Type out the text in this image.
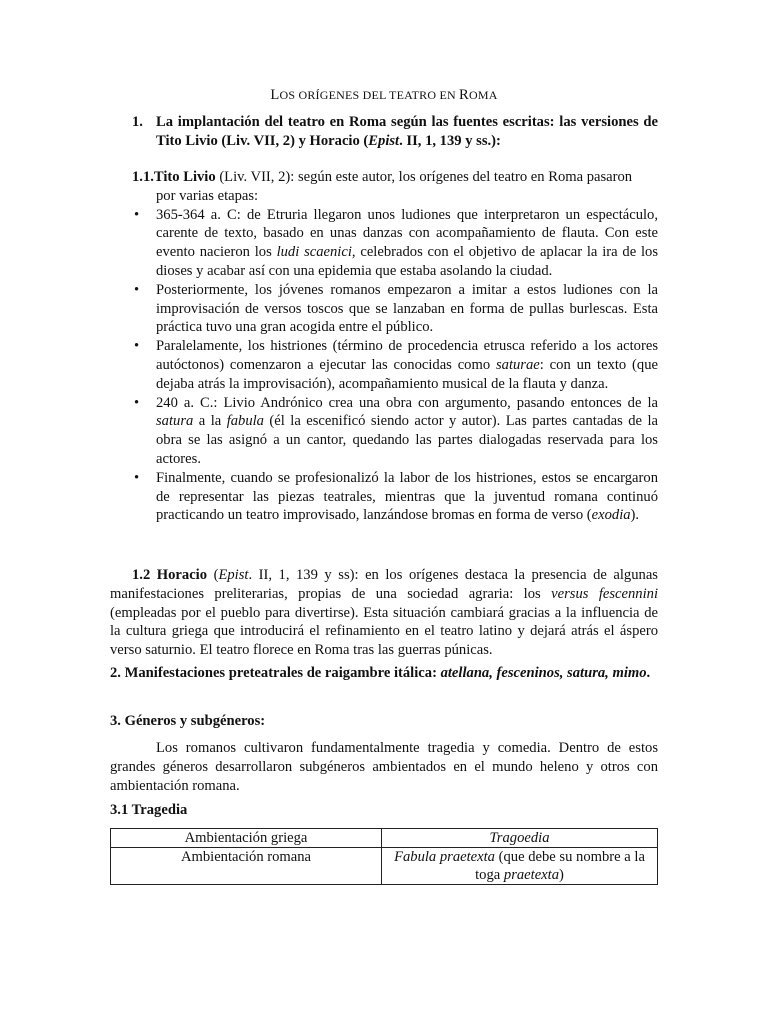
LOS ORÍGENES DEL TEATRO EN ROMA
1. La implantación del teatro en Roma según las fuentes escritas: las versiones de Tito Livio (Liv. VII, 2) y Horacio (Epist. II, 1, 139 y ss.):
1.1.Tito Livio (Liv. VII, 2): según este autor, los orígenes del teatro en Roma pasaron
por varias etapas:
• 365-364 a. C: de Etruria llegaron unos ludiones que interpretaron un espectáculo, carente de texto, basado en unas danzas con acompañamiento de flauta. Con este evento nacieron los ludi scaenici, celebrados con el objetivo de aplacar la ira de los dioses y acabar así con una epidemia que estaba asolando la ciudad.
• Posteriormente, los jóvenes romanos empezaron a imitar a estos ludiones con la improvisación de versos toscos que se lanzaban en forma de pullas burlescas. Esta práctica tuvo una gran acogida entre el público.
• Paralelamente, los histriones (término de procedencia etrusca referido a los actores autóctonos) comenzaron a ejecutar las conocidas como saturae: con un texto (que dejaba atrás la improvisación), acompañamiento musical de la flauta y danza.
• 240 a. C.: Livio Andrónico crea una obra con argumento, pasando entonces de la satura a la fabula (él la escenificó siendo actor y autor). Las partes cantadas de la obra se las asignó a un cantor, quedando las partes dialogadas reservada para los actores.
• Finalmente, cuando se profesionalizó la labor de los histriones, estos se encargaron de representar las piezas teatrales, mientras que la juventud romana continuó practicando un teatro improvisado, lanzándose bromas en forma de verso (exodia).
1.2 Horacio (Epist. II, 1, 139 y ss): en los orígenes destaca la presencia de algunas manifestaciones preliterarias, propias de una sociedad agraria: los versus fescennini (empleadas por el pueblo para divertirse). Esta situación cambiará gracias a la influencia de la cultura griega que introducirá el refinamiento en el teatro latino y dejará atrás el áspero verso saturnio. El teatro florece en Roma tras las guerras púnicas.
2. Manifestaciones preteatrales de raigambre itálica: atellana, fesceninos, satura, mimo.
3. Géneros y subgéneros:
Los romanos cultivaron fundamentalmente tragedia y comedia. Dentro de estos grandes géneros desarrollaron subgéneros ambientados en el mundo heleno y otros con ambientación romana.
3.1 Tragedia
Ambientación griega	Tragoedia
Ambientación romana	Fabula praetexta (que debe su nombre a la toga praetexta)
